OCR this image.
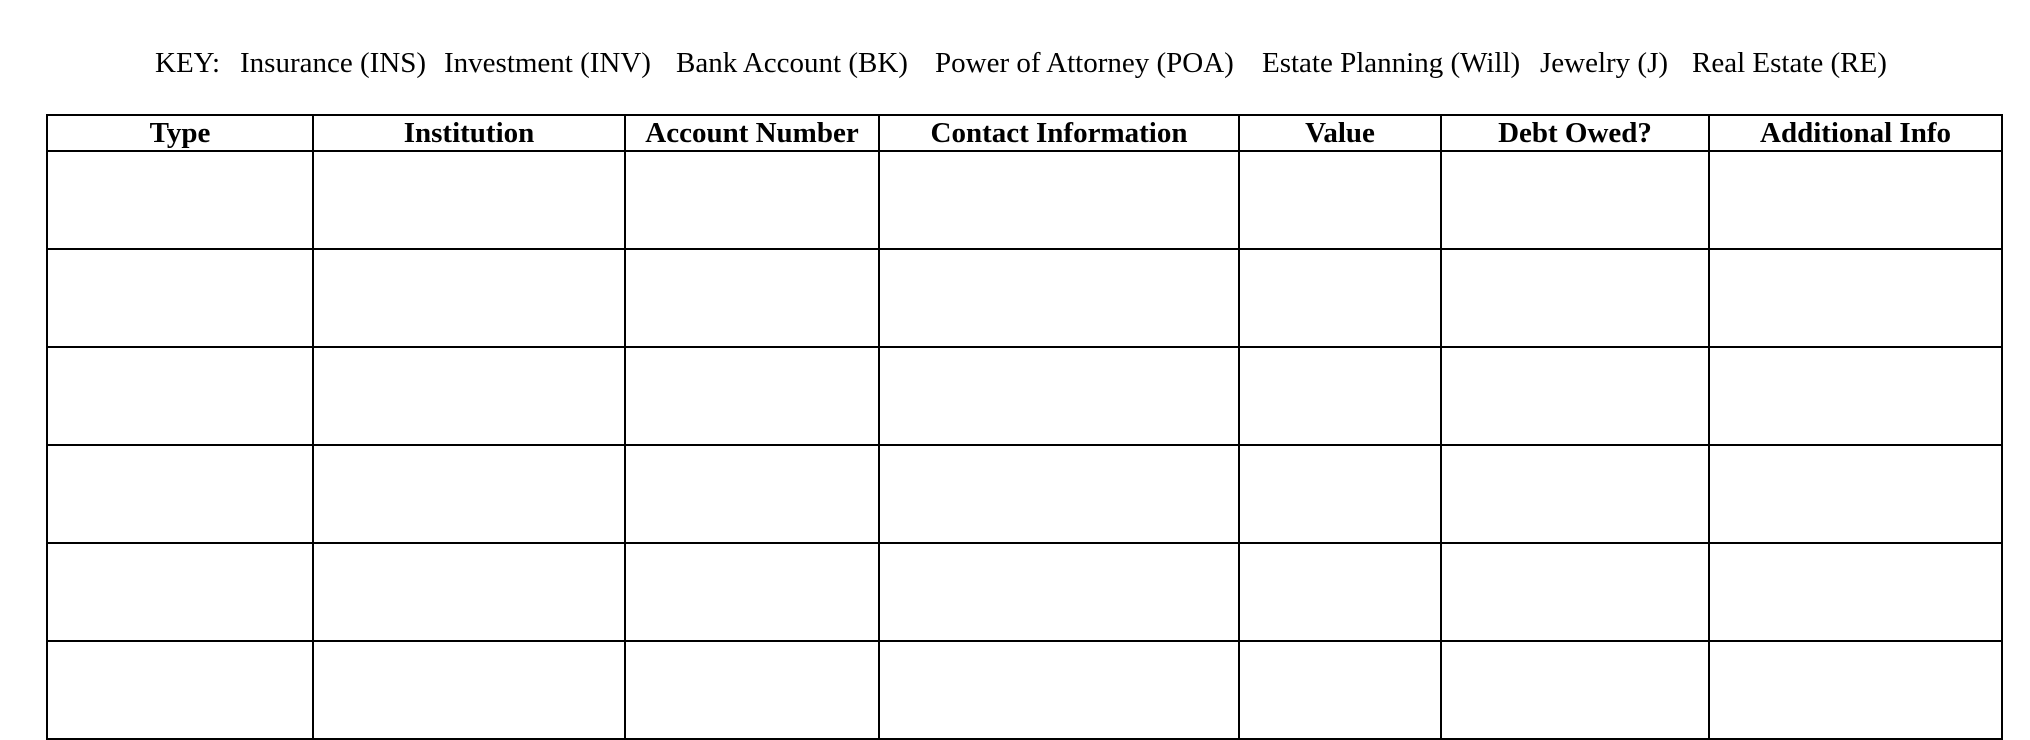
KEY: Insurance (INS) Investment (INV) Bank Account (BK) Power of Attorney (POA) Estate Planning (Will) Jewelry (J) Real Estate (RE)
Type	Institution	Account Number	Contact Information	Value	Debt Owed?	Additional Info
